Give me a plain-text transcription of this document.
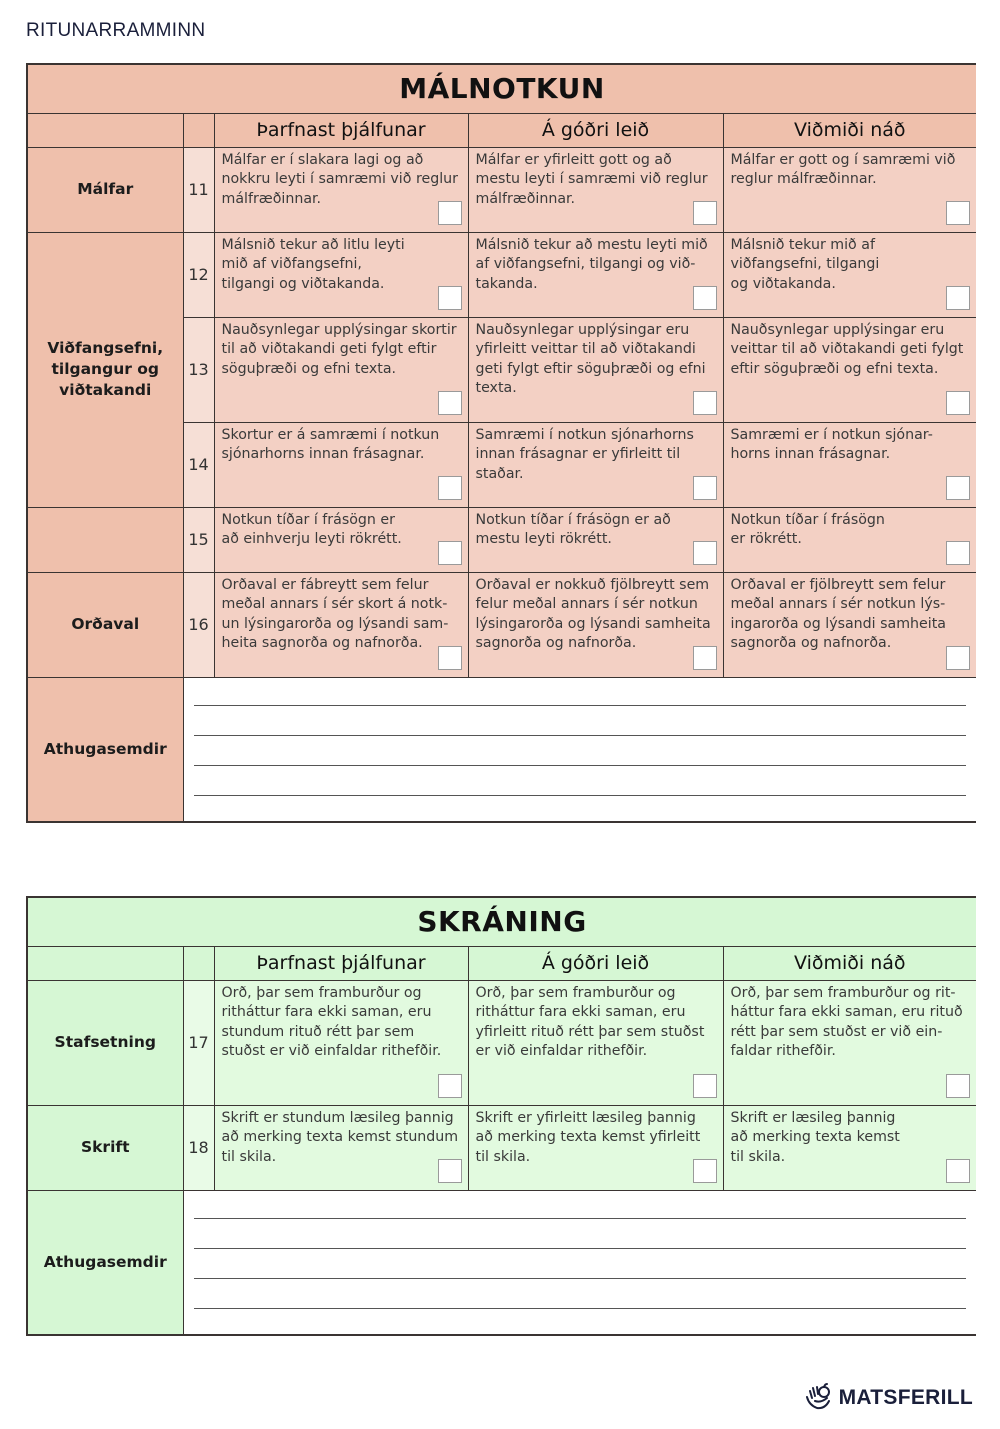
RITUNARRAMMINN
MÁLNOTKUN				
		Þarfnast þjálfunar	Á góðri leið	Viðmiði náð
Málfar	11	Málfar er í slakara lagi og að
nokkru leyti í samræmi við reglur
málfræðinnar.	Málfar er yfirleitt gott og að
mestu leyti í samræmi við reglur
málfræðinnar.	Málfar er gott og í samræmi við
reglur málfræðinnar.

Viðfangsefni,
tilgangur og
viðtakandi	12	Málsnið tekur að litlu leyti
mið af viðfangsefni,
tilgangi og viðtakanda.	Málsnið tekur að mestu leyti mið
af viðfangsefni, tilgangi og við-
takanda.	Málsnið tekur mið af
viðfangsefni, tilgangi
og viðtakanda.

	13	Nauðsynlegar upplýsingar skortir
til að viðtakandi geti fylgt eftir
söguþræði og efni texta.	Nauðsynlegar upplýsingar eru
yfirleitt veittar til að viðtakandi
geti fylgt eftir söguþræði og efni
texta.	Nauðsynlegar upplýsingar eru
veittar til að viðtakandi geti fylgt
eftir söguþræði og efni texta.

	14	Skortur er á samræmi í notkun
sjónarhorns innan frásagnar.	Samræmi í notkun sjónarhorns
innan frásagnar er yfirleitt til
staðar.	Samræmi er í notkun sjónar-
horns innan frásagnar.

	15	Notkun tíðar í frásögn er
að einhverju leyti rökrétt.	Notkun tíðar í frásögn er að
mestu leyti rökrétt.	Notkun tíðar í frásögn
er rökrétt.

Orðaval	16	Orðaval er fábreytt sem felur
meðal annars í sér skort á notk-
un lýsingarorða og lýsandi sam-
heita sagnorða og nafnorða.	Orðaval er nokkuð fjölbreytt sem
felur meðal annars í sér notkun
lýsingarorða og lýsandi samheita
sagnorða og nafnorða.	Orðaval er fjölbreytt sem felur
meðal annars í sér notkun lýs-
ingarorða og lýsandi samheita
sagnorða og nafnorða.

Athugasemdir				
SKRÁNING				
		Þarfnast þjálfunar	Á góðri leið	Viðmiði náð
Stafsetning	17	Orð, þar sem framburður og
ritháttur fara ekki saman, eru
stundum rituð rétt þar sem
stuðst er við einfaldar rithefðir.	Orð, þar sem framburður og
ritháttur fara ekki saman, eru
yfirleitt rituð rétt þar sem stuðst
er við einfaldar rithefðir.	Orð, þar sem framburður og rit-
háttur fara ekki saman, eru rituð
rétt þar sem stuðst er við ein-
faldar rithefðir.

Skrift	18	Skrift er stundum læsileg þannig
að merking texta kemst stundum
til skila.	Skrift er yfirleitt læsileg þannig
að merking texta kemst yfirleitt
til skila.	Skrift er læsileg þannig
að merking texta kemst
til skila.

Athugasemdir				
MATSFERILL
